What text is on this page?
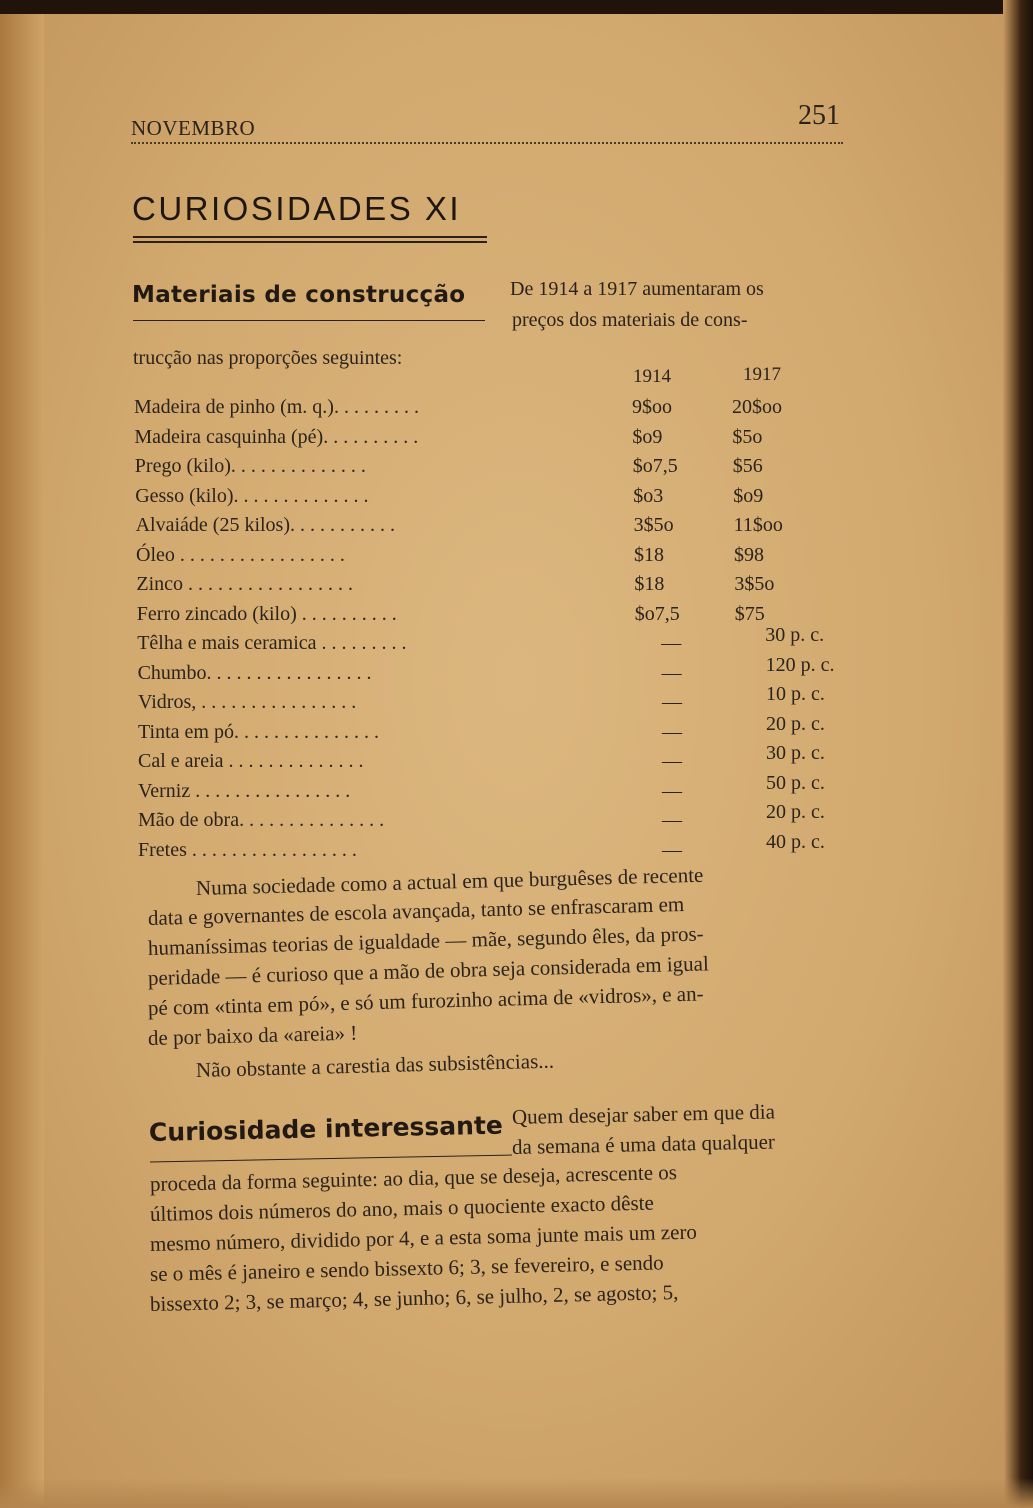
NOVEMBRO	251
CURIOSIDADES XI
Materiais de construcção De 1914 a 1917 aumentaram os
preços dos materiais de cons-
trucção nas proporções seguintes:
1914	1917
Madeira de pinho (m. q.). . . . . . . . .	9$oo	20$oo
Madeira casquinha (pé). . . . . . . . . .	$o9	$5o
Prego (kilo). . . . . . . . . . . . . .	$o7,5	$56
Gesso (kilo). . . . . . . . . . . . . .	$o3	$o9
Alvaiáde (25 kilos). . . . . . . . . . .	3$5o	11$oo
Óleo . . . . . . . . . . . . . . . . .	$18	$98
Zinco . . . . . . . . . . . . . . . . .	$18	3$5o
Ferro zincado (kilo) . . . . . . . . . .	$o7,5	$75
Têlha e mais ceramica . . . . . . . . .	—	30 p. c.
Chumbo. . . . . . . . . . . . . . . . .	—	120 p. c.
Vidros, . . . . . . . . . . . . . . . .	—	10 p. c.
Tinta em pó. . . . . . . . . . . . . . .	—	20 p. c.
Cal e areia . . . . . . . . . . . . . .	—	30 p. c.
Verniz . . . . . . . . . . . . . . . .	—	50 p. c.
Mão de obra. . . . . . . . . . . . . . .	—	20 p. c.
Fretes . . . . . . . . . . . . . . . . .	—	40 p. c.
Numa sociedade como a actual em que burguêses de recente
data e governantes de escola avançada, tanto se enfrascaram em
humaníssimas teorias de igualdade — mãe, segundo êles, da pros-
peridade — é curioso que a mão de obra seja considerada em igual
pé com «tinta em pó», e só um furozinho acima de «vidros», e an-
de por baixo da «areia» !
Não obstante a carestia das subsistências...
Curiosidade interessante Quem desejar saber em que dia
da semana é uma data qualquer
proceda da forma seguinte: ao dia, que se deseja, acrescente os
últimos dois números do ano, mais o quociente exacto dêste
mesmo número, dividido por 4, e a esta soma junte mais um zero
se o mês é janeiro e sendo bissexto 6; 3, se fevereiro, e sendo
bissexto 2; 3, se março; 4, se junho; 6, se julho, 2, se agosto; 5,
